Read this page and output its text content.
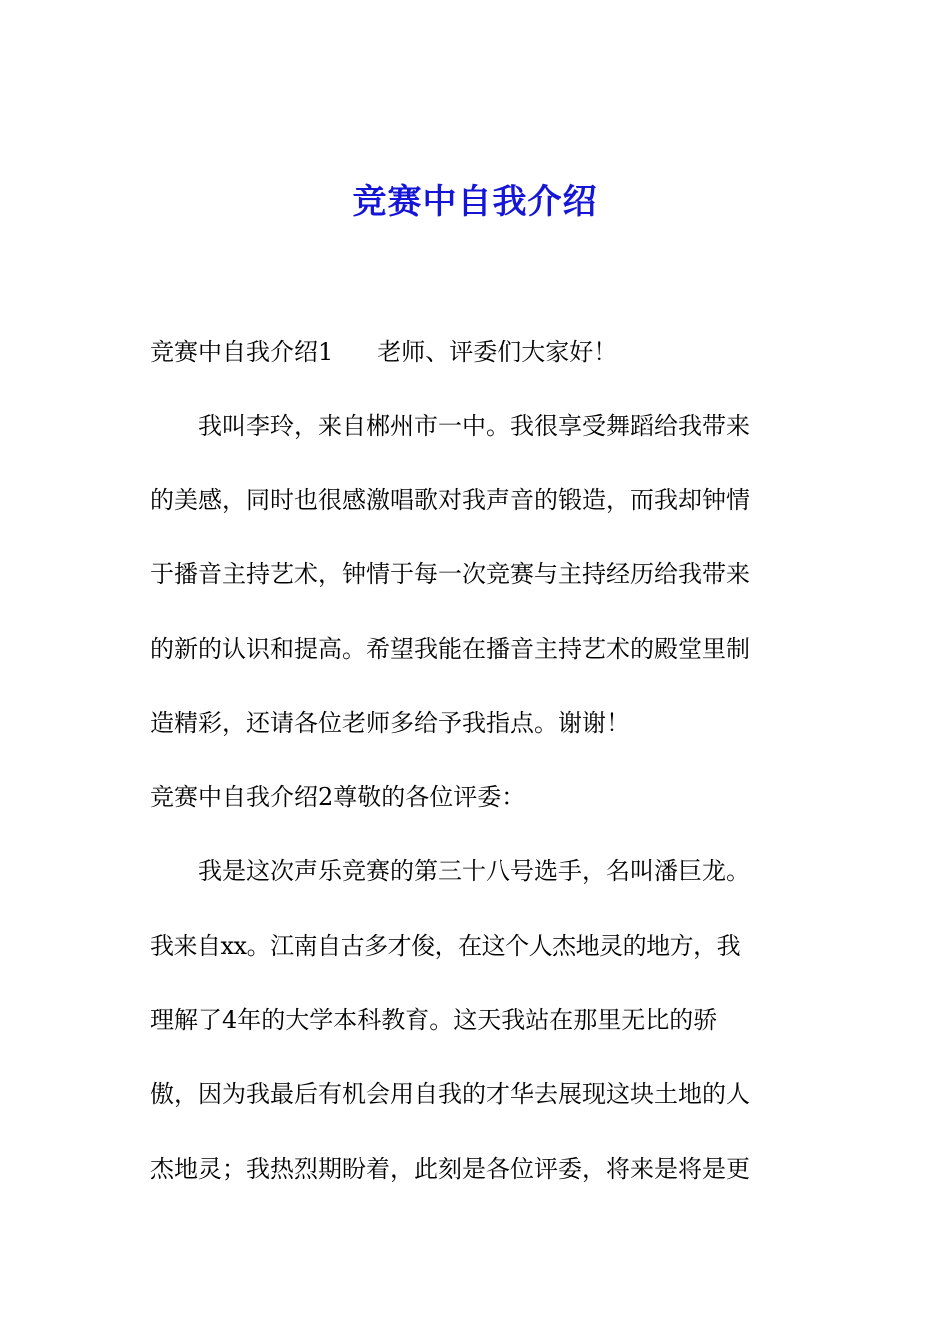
竞赛中自我介绍

竞赛中自我介绍1 老师、评委们大家好！

我叫李玲，来自郴州市一中。我很享受舞蹈给我带来

的美感，同时也很感激唱歌对我声音的锻造，而我却钟情

于播音主持艺术，钟情于每一次竞赛与主持经历给我带来

的新的认识和提高。希望我能在播音主持艺术的殿堂里制

造精彩，还请各位老师多给予我指点。谢谢！

竞赛中自我介绍2尊敬的各位评委：

我是这次声乐竞赛的第三十八号选手，名叫潘巨龙。

我来自xx。江南自古多才俊，在这个人杰地灵的地方，我

理解了4年的大学本科教育。这天我站在那里无比的骄

傲，因为我最后有机会用自我的才华去展现这块土地的人

杰地灵；我热烈期盼着，此刻是各位评委，将来是将是更
